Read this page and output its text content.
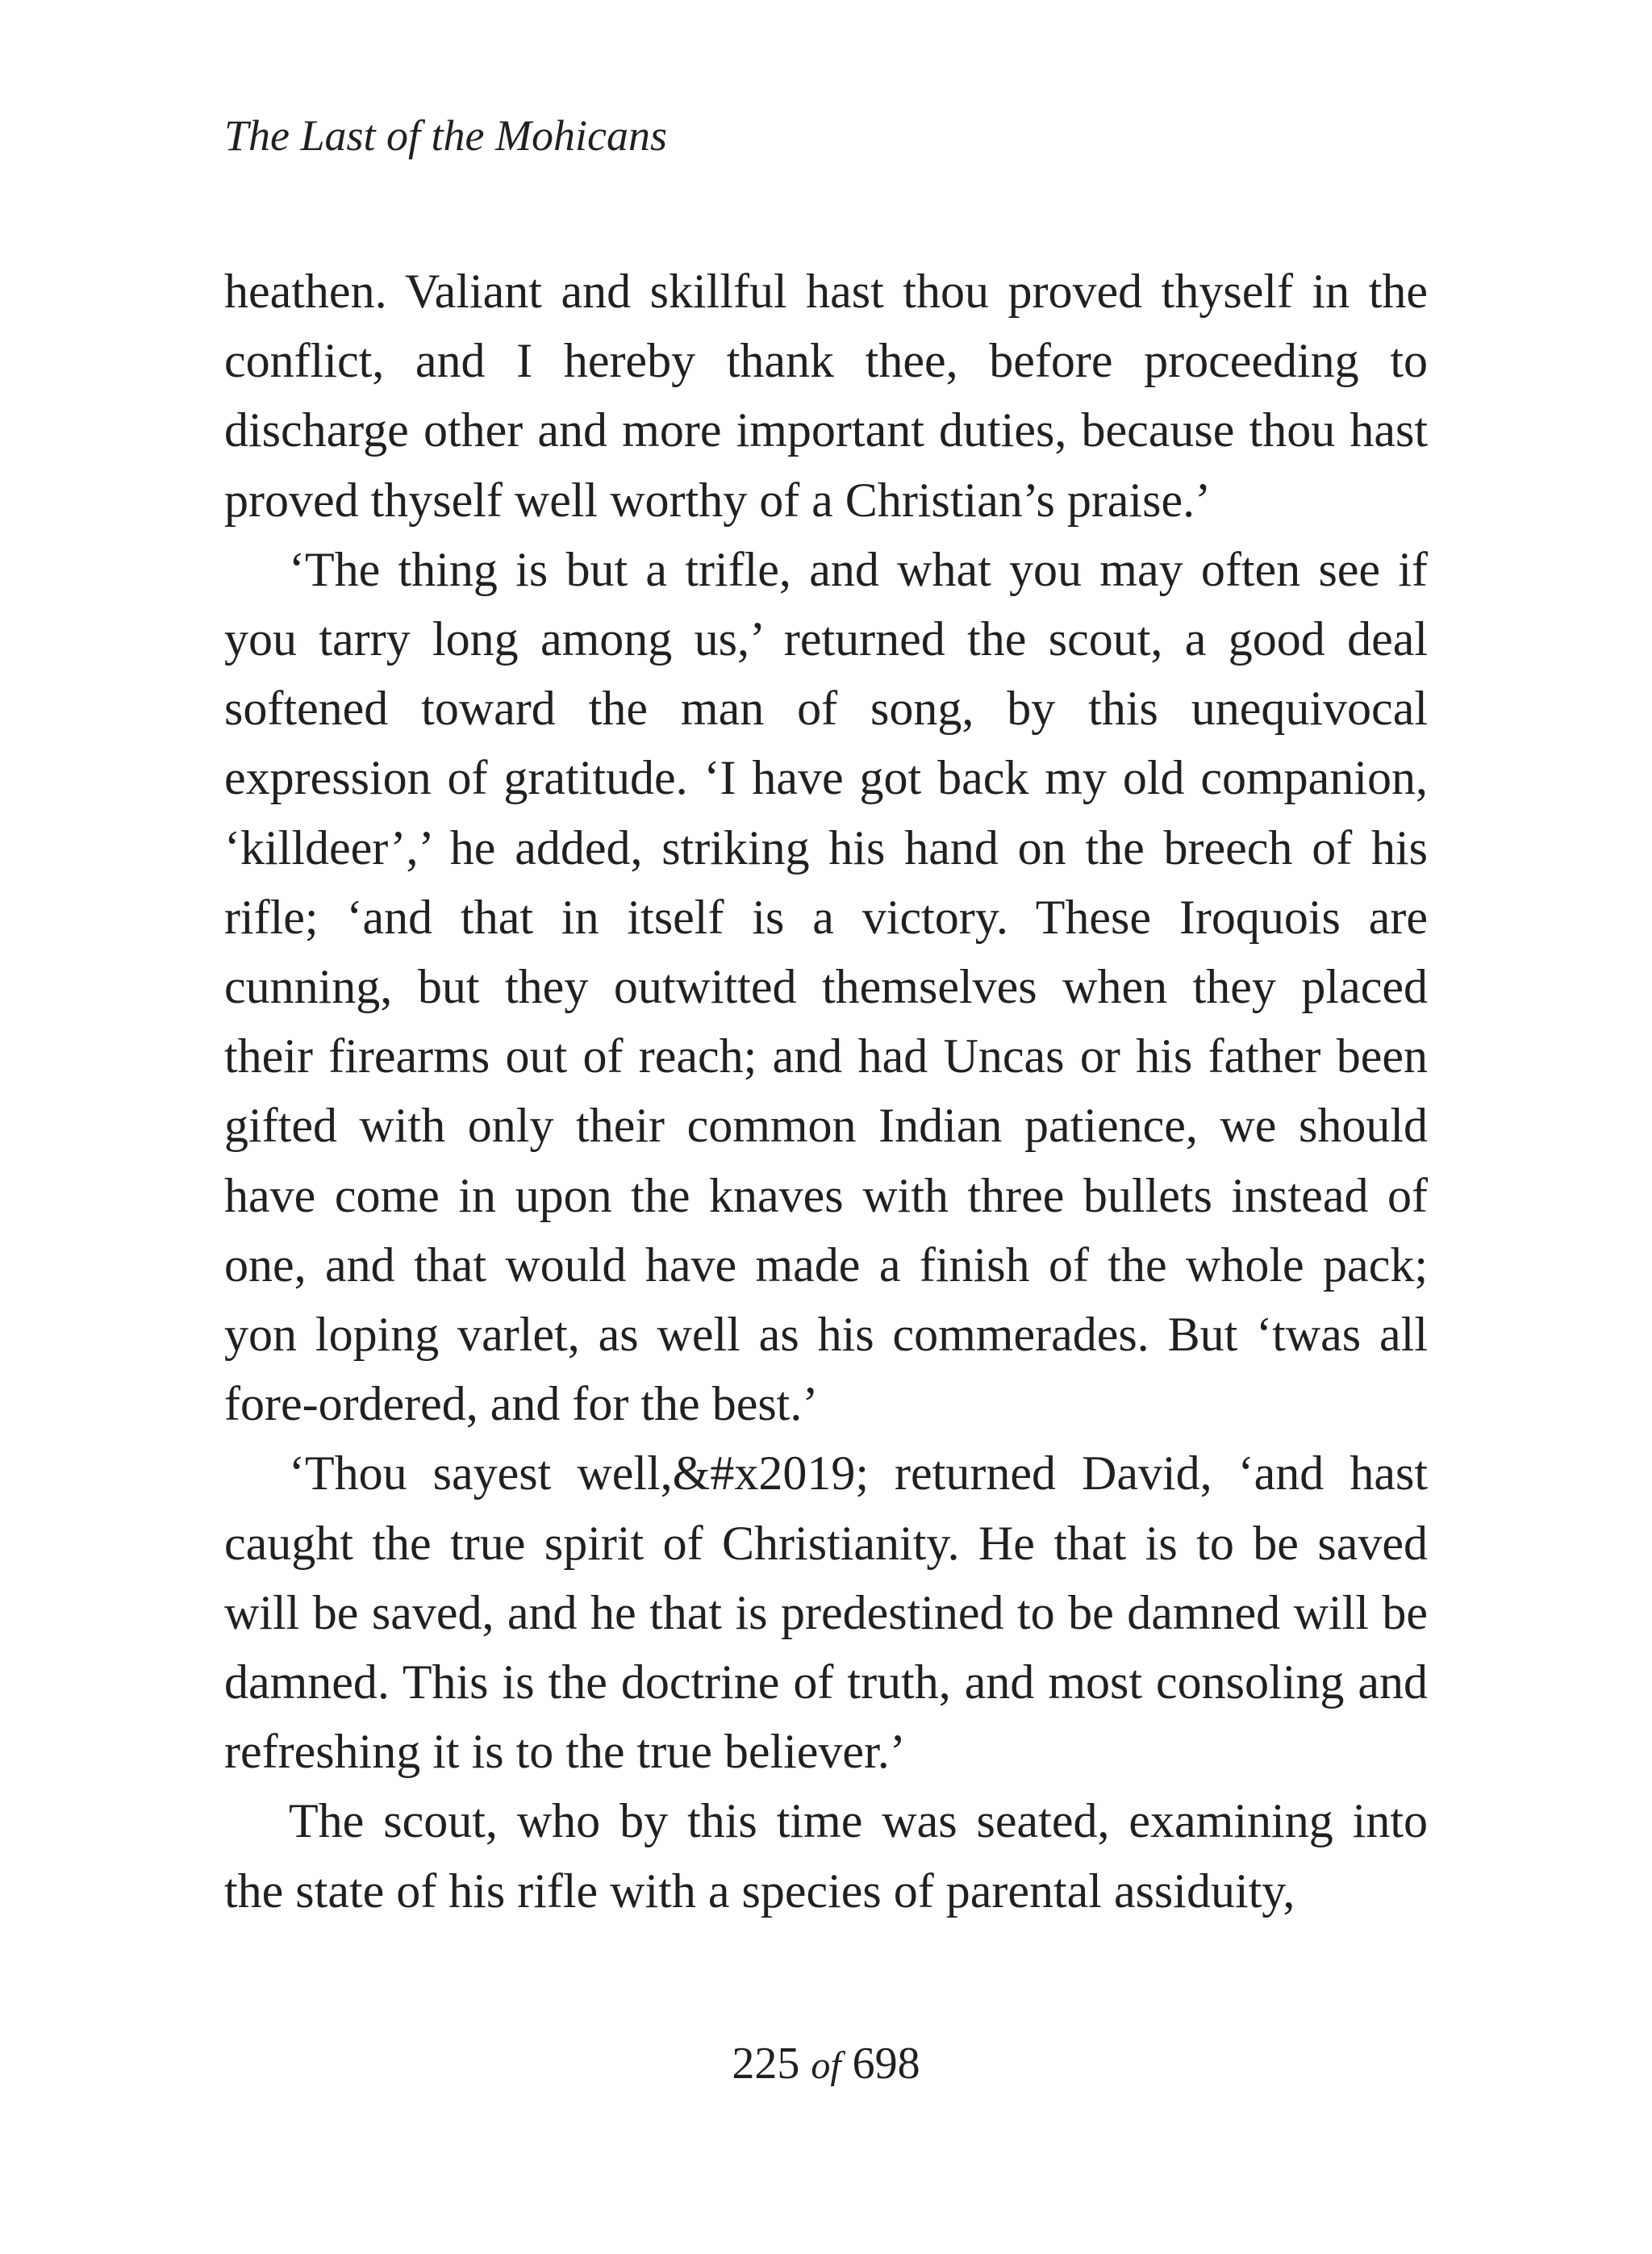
The Last of the Mohicans

heathen. Valiant and skillful hast thou proved thyself in the conflict, and I hereby thank thee, before proceeding to discharge other and more important duties, because thou hast proved thyself well worthy of a Christian’s praise.’

‘The thing is but a trifle, and what you may often see if you tarry long among us,’ returned the scout, a good deal softened toward the man of song, by this unequivocal expression of gratitude. ‘I have got back my old companion, ‘killdeer’,’ he added, striking his hand on the breech of his rifle; ‘and that in itself is a victory. These Iroquois are cunning, but they outwitted themselves when they placed their firearms out of reach; and had Uncas or his father been gifted with only their common Indian patience, we should have come in upon the knaves with three bullets instead of one, and that would have made a finish of the whole pack; yon loping varlet, as well as his commerades. But ‘twas all fore-ordered, and for the best.’

‘Thou sayest well,&#x2019; returned David, ‘and hast caught the true spirit of Christianity. He that is to be saved will be saved, and he that is predestined to be damned will be damned. This is the doctrine of truth, and most consoling and refreshing it is to the true believer.’

The scout, who by this time was seated, examining into the state of his rifle with a species of parental assiduity,

225 of 698
